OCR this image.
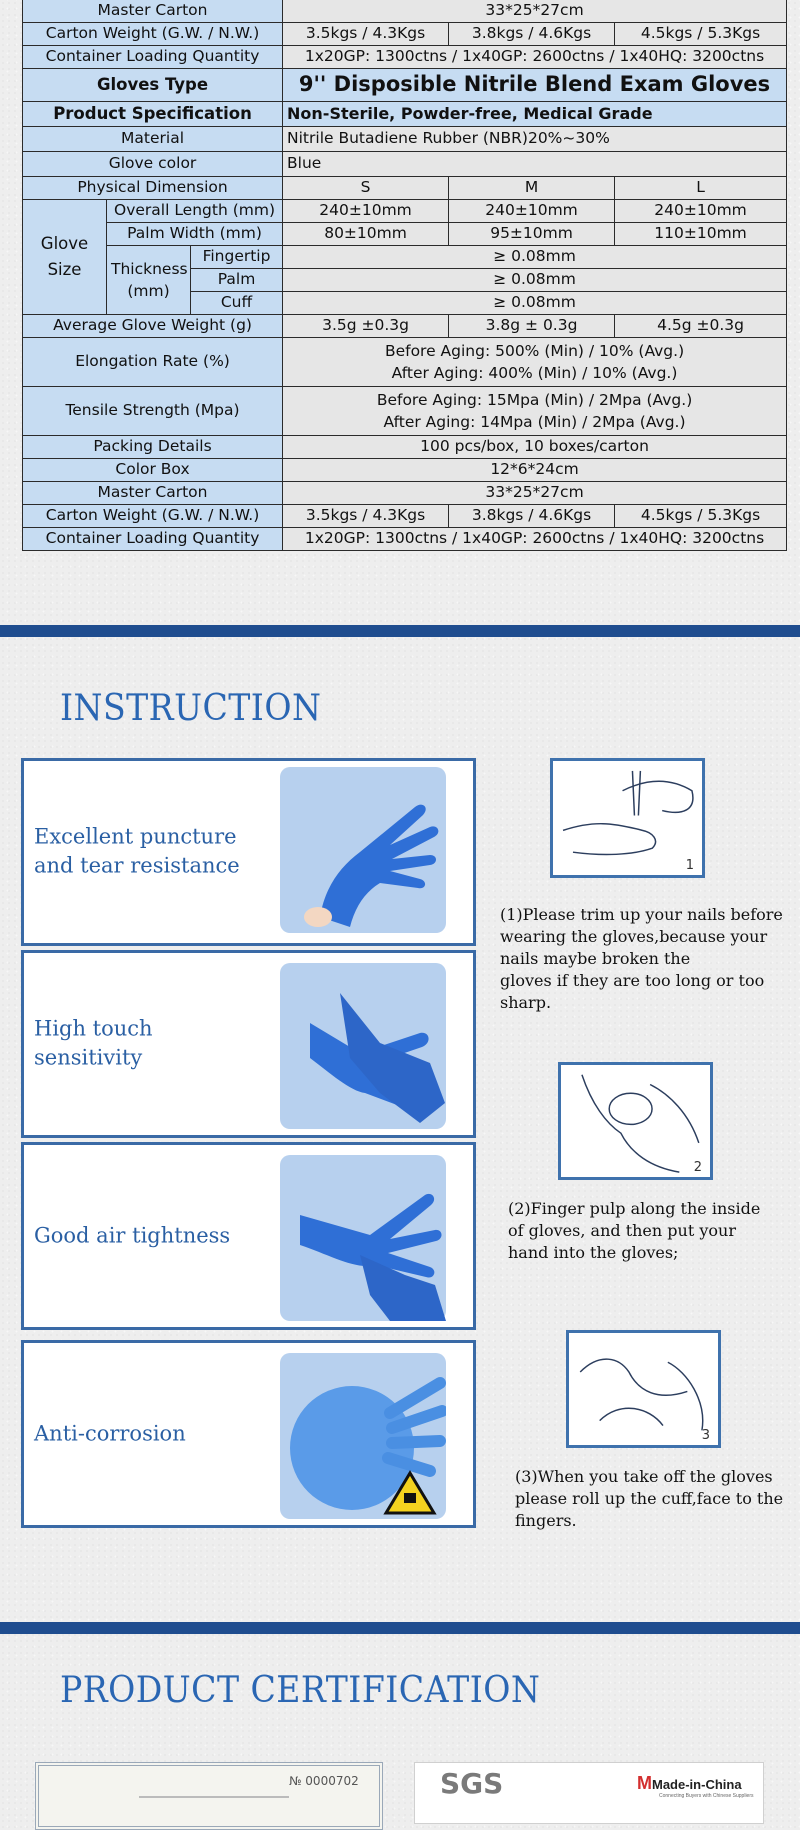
Master Carton			33*25*27cm		
Carton Weight (G.W. / N.W.)			3.5kgs / 4.3Kgs	3.8kgs / 4.6Kgs	4.5kgs / 5.3Kgs
Container Loading Quantity			1x20GP: 1300ctns / 1x40GP: 2600ctns / 1x40HQ: 3200ctns		
Gloves Type			9'' Disposible Nitrile Blend Exam Gloves		
Product Specification			Non-Sterile, Powder-free, Medical Grade		
Material			Nitrile Butadiene Rubber (NBR)20%~30%		
Glove color			Blue		
Physical Dimension			S	M	L
Glove Size	Overall Length (mm)		240±10mm	240±10mm	240±10mm
	Palm Width (mm)		80±10mm	95±10mm	110±10mm
	Thickness (mm)	Fingertip	≥ 0.08mm		
		Palm	≥ 0.08mm		
		Cuff	≥ 0.08mm		
Average Glove Weight (g)			3.5g ±0.3g	3.8g ± 0.3g	4.5g ±0.3g
Elongation Rate (%)			Before Aging: 500% (Min) / 10% (Avg.)
After Aging: 400% (Min) / 10% (Avg.)		

Tensile Strength (Mpa)			Before Aging: 15Mpa (Min) / 2Mpa (Avg.)
After Aging: 14Mpa (Min) / 2Mpa (Avg.)		

Packing Details			100 pcs/box, 10 boxes/carton		
Color Box			12*6*24cm		
Master Carton			33*25*27cm		
Carton Weight (G.W. / N.W.)			3.5kgs / 4.3Kgs	3.8kgs / 4.6Kgs	4.5kgs / 5.3Kgs
Container Loading Quantity			1x20GP: 1300ctns / 1x40GP: 2600ctns / 1x40HQ: 3200ctns		
INSTRUCTION
Excellent puncture and tear resistance
High touch sensitivity
Good air tightness
Anti-corrosion
1
(1)Please trim up your nails before
wearing the gloves,because your
nails maybe broken the
gloves if they are too long or too
sharp.
2
(2)Finger pulp along the inside
of gloves, and then put your
hand into the gloves;
3
(3)When you take off the gloves
please roll up the cuff,face to the
fingers.
PRODUCT CERTIFICATION
№ 0000702	SGS	MMade-in-China
Connecting Buyers with Chinese Suppliers
